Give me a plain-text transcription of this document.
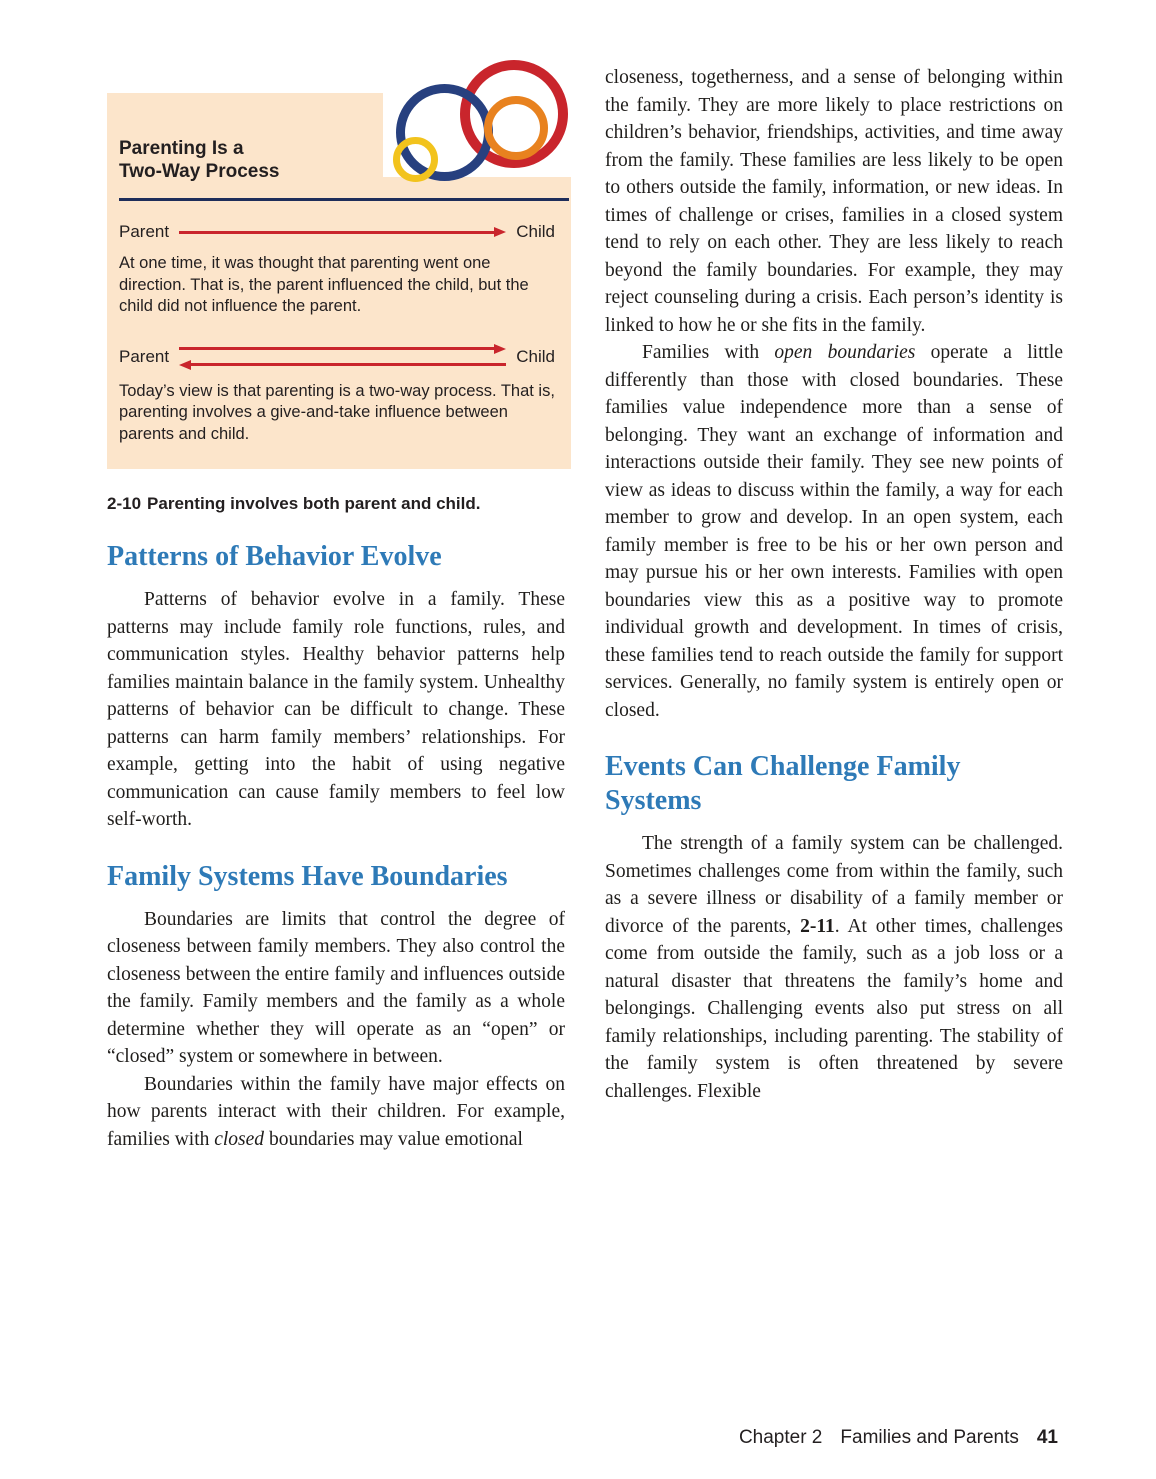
Parenting Is a
Two-Way Process
Parent	Child

At one time, it was thought that parenting went one direction. That is, the parent influenced the child, but the child did not influence the parent.

Parent	Child

Today’s view is that parenting is a two-way process. That is, parenting involves a give-and-take influence between parents and child.

2-10 Parenting involves both parent and child.
Patterns of Behavior Evolve

Patterns of behavior evolve in a family. These patterns may include family role functions, rules, and communication styles. Healthy behavior patterns help families maintain balance in the family system. Unhealthy patterns of behavior can be difficult to change. These patterns can harm family members’ relationships. For example, getting into the habit of using negative communication can cause family members to feel low self-worth.

Family Systems Have Boundaries

Boundaries are limits that control the degree of closeness between family members. They also control the closeness between the entire family and influences outside the family. Family members and the family as a whole determine whether they will operate as an “open” or “closed” system or somewhere in between.

Boundaries within the family have major effects on how parents interact with their children. For example, families with closed boundaries may value emotional

closeness, togetherness, and a sense of belonging within the family. They are more likely to place restrictions on children’s behavior, friendships, activities, and time away from the family. These families are less likely to be open to others outside the family, information, or new ideas. In times of challenge or crises, families in a closed system tend to rely on each other. They are less likely to reach beyond the family boundaries. For example, they may reject counseling during a crisis. Each person’s identity is linked to how he or she fits in the family.

Families with open boundaries operate a little differently than those with closed boundaries. These families value independence more than a sense of belonging. They want an exchange of information and interactions outside their family. They see new points of view as ideas to discuss within the family, a way for each member to grow and develop. In an open system, each family member is free to be his or her own person and may pursue his or her own interests. Families with open boundaries view this as a positive way to promote individual growth and development. In times of crisis, these families tend to reach outside the family for support services. Generally, no family system is entirely open or closed.

Events Can Challenge Family Systems

The strength of a family system can be challenged. Sometimes challenges come from within the family, such as a severe illness or disability of a family member or divorce of the parents, 2-11. At other times, challenges come from outside the family, such as a job loss or a natural disaster that threatens the family’s home and belongings. Challenging events also put stress on all family relationships, including parenting. The stability of the family system is often threatened by severe challenges. Flexible

Chapter 2 Families and Parents 41
